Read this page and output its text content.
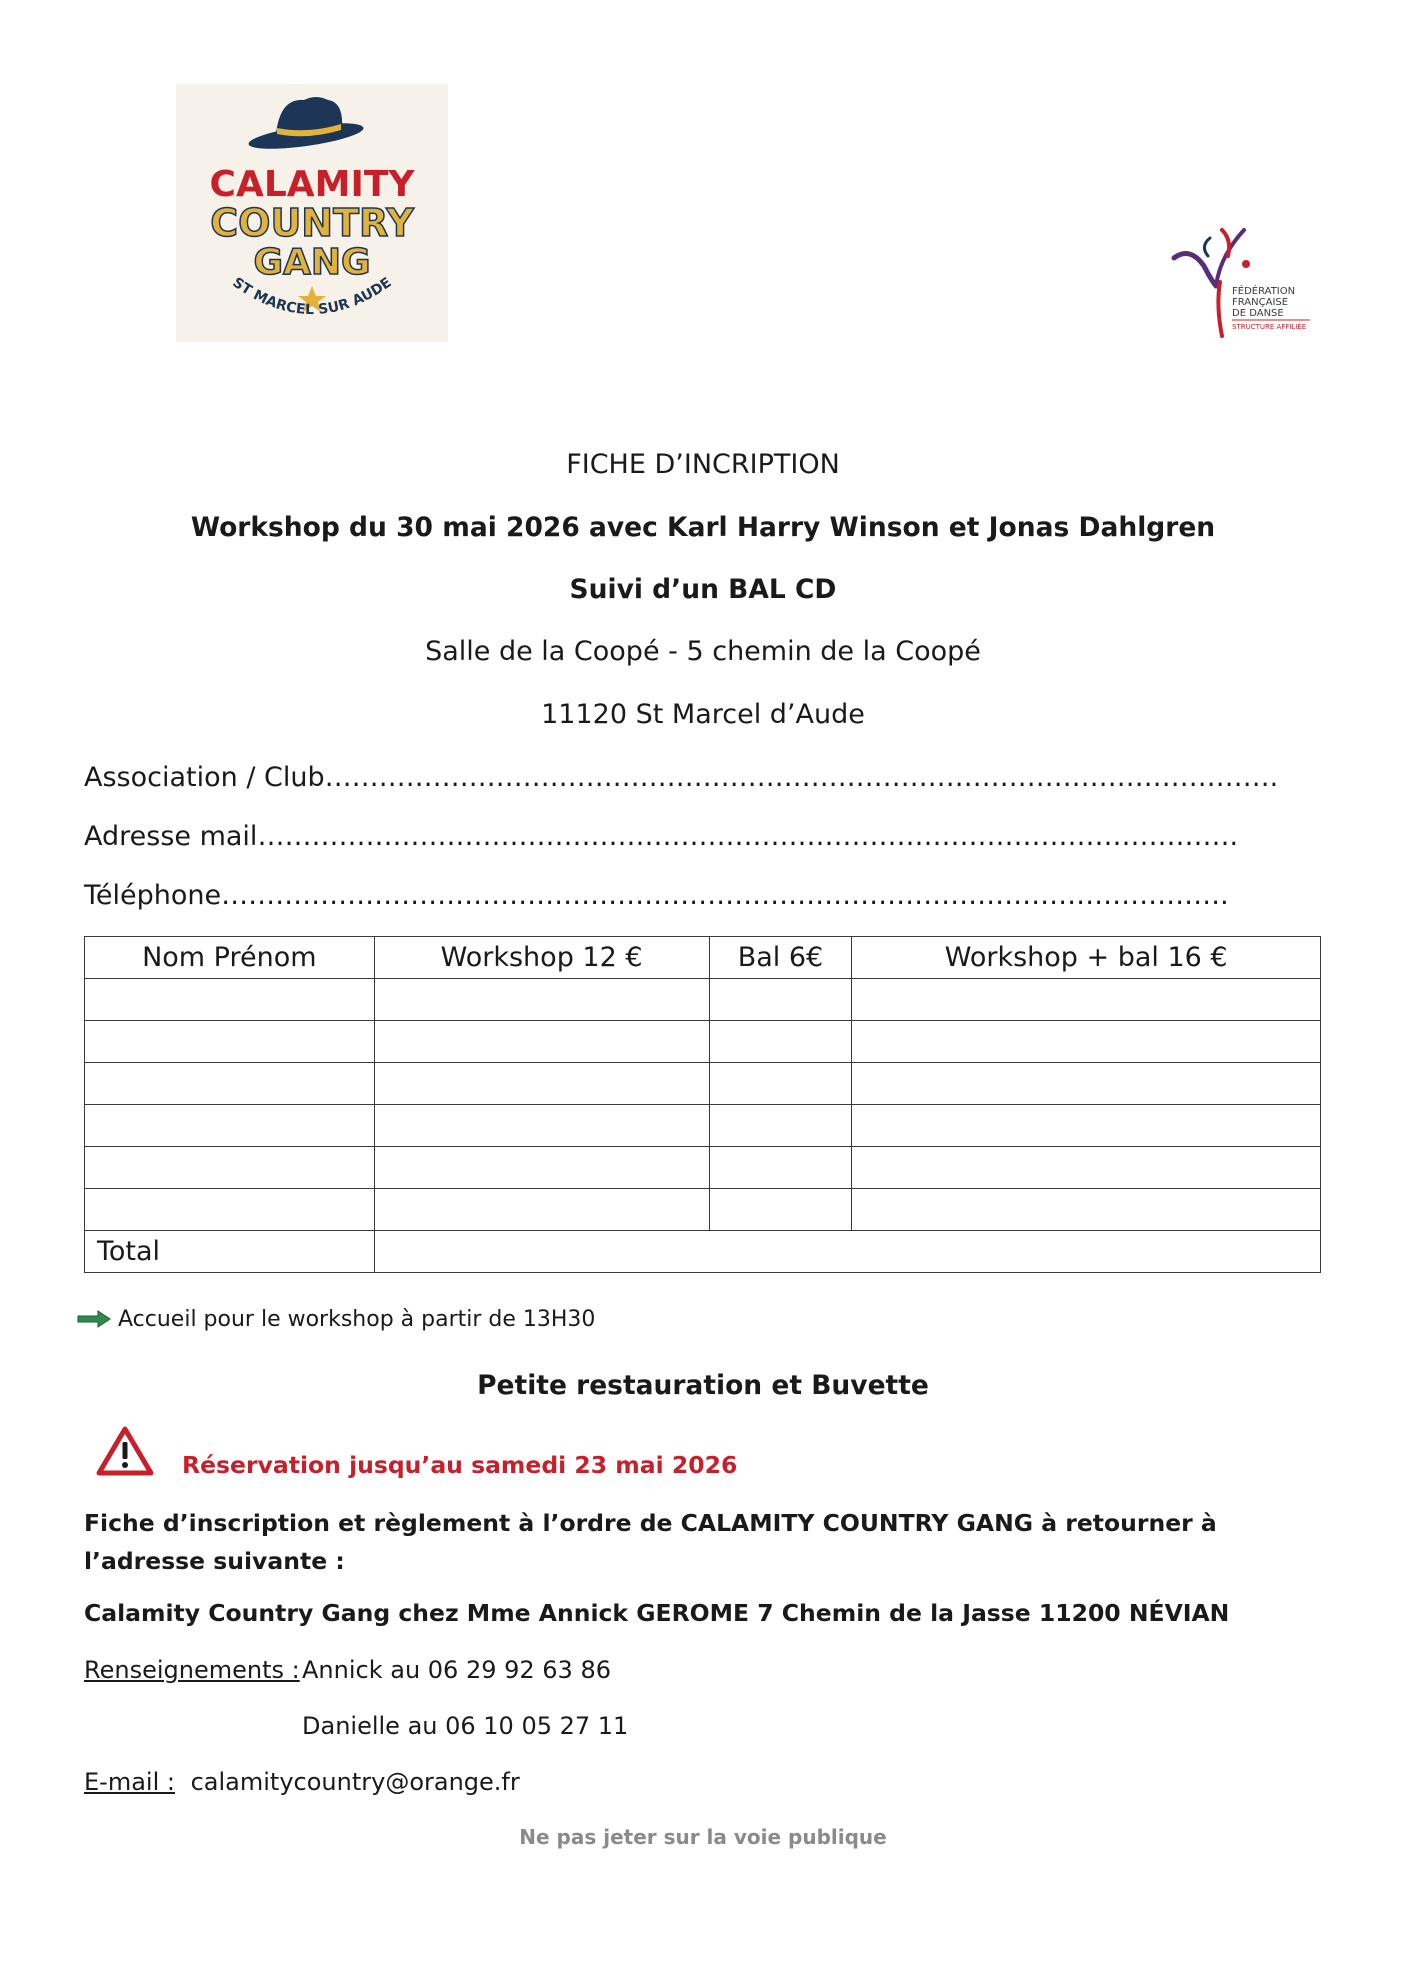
CALAMITY
COUNTRY
GANG
ST MARCEL SUR AUDE	FÉDÉRATION
FRANÇAISE
DE DANSE
STRUCTURE AFFILIÉE
FICHE D’INCRIPTION
Workshop du 30 mai 2026 avec Karl Harry Winson et Jonas Dahlgren
Suivi d’un BAL CD
Salle de la Coopé - 5 chemin de la Coopé
11120 St Marcel d’Aude
Association / Club…………………………………………………………………………………………….
Adresse mail……………………………………………………………………………………………….
Téléphone………………………………………………………………………………………………….
Nom Prénom	Workshop 12 €	Bal 6€	Workshop + bal 16 €

Total			
Accueil pour le workshop à partir de 13H30
Petite restauration et Buvette
Réservation jusqu’au samedi 23 mai 2026
Fiche d’inscription et règlement à l’ordre de CALAMITY COUNTRY GANG à retourner à l’adresse suivante :
Calamity Country Gang chez Mme Annick GEROME 7 Chemin de la Jasse 11200 NÉVIAN
Renseignements : Annick au 06 29 92 63 86
Danielle au 06 10 05 27 11
E-mail : calamitycountry@orange.fr
Ne pas jeter sur la voie publique
